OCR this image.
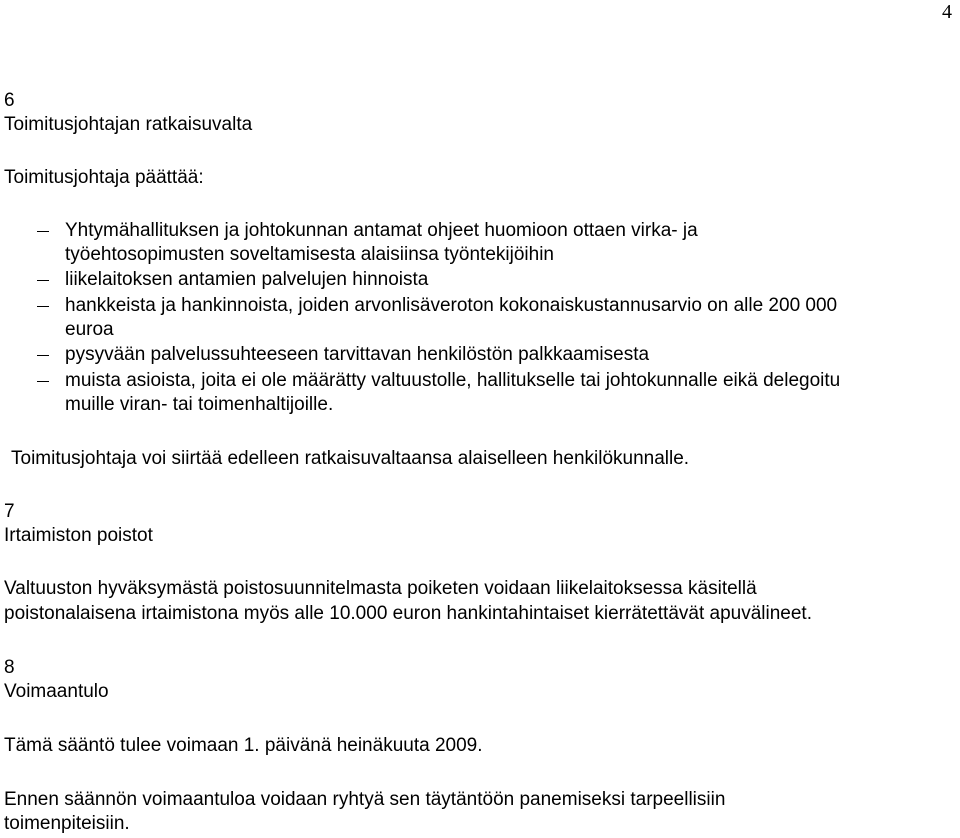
4
6
Toimitusjohtajan ratkaisuvalta
Toimitusjohtaja päättää:
Yhtymähallituksen ja johtokunnan antamat ohjeet huomioon ottaen virka- ja
työehtosopimusten soveltamisesta alaisiinsa työntekijöihin
liikelaitoksen antamien palvelujen hinnoista
hankkeista ja hankinnoista, joiden arvonlisäveroton kokonaiskustannusarvio on alle 200 000
euroa
pysyvään palvelussuhteeseen tarvittavan henkilöstön palkkaamisesta
muista asioista, joita ei ole määrätty valtuustolle, hallitukselle tai johtokunnalle eikä delegoitu
muille viran- tai toimenhaltijoille.
Toimitusjohtaja voi siirtää edelleen ratkaisuvaltaansa alaiselleen henkilökunnalle.
7
Irtaimiston poistot
Valtuuston hyväksymästä poistosuunnitelmasta poiketen voidaan liikelaitoksessa käsitellä
poistonalaisena irtaimistona myös alle 10.000 euron hankintahintaiset kierrätettävät apuvälineet.
8
Voimaantulo
Tämä sääntö tulee voimaan 1. päivänä heinäkuuta 2009.
Ennen säännön voimaantuloa voidaan ryhtyä sen täytäntöön panemiseksi tarpeellisiin
toimenpiteisiin.
